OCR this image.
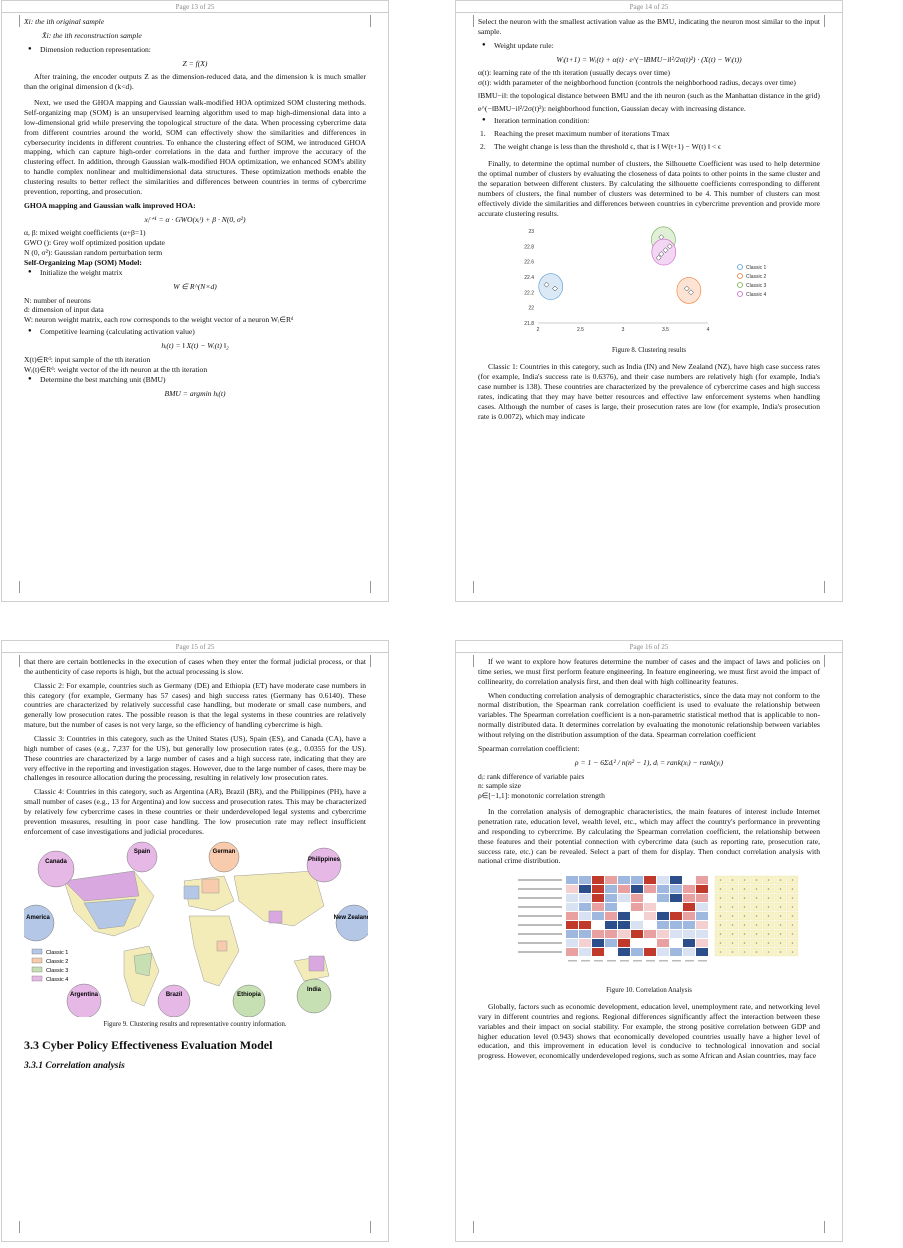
Page 13 of 25

Xi: the ith original sample

X̂i: the ith reconstruction sample

● Dimension reduction representation:
Z = f(X)

After training, the encoder outputs Z as the dimension-reduced data, and the dimension k is much smaller than the original dimension d (k<d).

Next, we used the GHOA mapping and Gaussian walk-modified HOA optimized SOM clustering methods. Self-organizing map (SOM) is an unsupervised learning algorithm used to map high-dimensional data into a low-dimensional grid while preserving the topological structure of the data. When processing cybercrime data from different countries around the world, SOM can effectively show the similarities and differences in cybersecurity incidents in different countries. To enhance the clustering effect of SOM, we introduced GHOA mapping, which can capture high-order correlations in the data and further improve the accuracy of the clustering effect. In addition, through Gaussian walk-modified HOA optimization, we enhanced SOM's ability to handle complex nonlinear and multidimensional data structures. These optimization methods enable the clustering results to better reflect the similarities and differences between countries in terms of cybercrime prevention, reporting, and prosecution.

GHOA mapping and Gaussian walk improved HOA:

xᵢᵗ⁺¹ = α · GWO(xᵢᵗ) + β · N(0, σ²)

α, β: mixed weight coefficients (α+β=1)

GWO (): Grey wolf optimized position update

N (0, σ²): Gaussian random perturbation term

Self-Organizing Map (SOM) Model:

● Initialize the weight matrix
W ∈ R^(N×d)

N: number of neurons

d: dimension of input data

W: neuron weight matrix, each row corresponds to the weight vector of a neuron Wᵢ∈Rᵈ

● Competitive learning (calculating activation value)
hᵢ(t) = ‖ X(t) − Wᵢ(t) ‖₂

X(t)∈Rᵈ: input sample of the tth iteration

Wᵢ(t)∈Rᵈ: weight vector of the ith neuron at the tth iteration

● Determine the best matching unit (BMU)
BMU = argmin hᵢ(t)
Page 14 of 25

Select the neuron with the smallest activation value as the BMU, indicating the neuron most similar to the input sample.

● Weight update rule:
Wᵢ(t+1) = Wᵢ(t) + α(t) · e^(−‖BMU−i‖²/2σ(t)²) · (X(t) − Wᵢ(t))

α(t): learning rate of the tth iteration (usually decays over time)

σ(t): width parameter of the neighborhood function (controls the neighborhood radius, decays over time)

‖BMU−i‖: the topological distance between BMU and the ith neuron (such as the Manhattan distance in the grid)

e^(−‖BMU−i‖²/2σ(t)²): neighborhood function, Gaussian decay with increasing distance.

● Iteration termination condition:
1. Reaching the preset maximum number of iterations Tmax
2. The weight change is less than the threshold ϵ, that is ‖ W(t+1) − W(t) ‖ < ϵ

Finally, to determine the optimal number of clusters, the Silhouette Coefficient was used to help determine the optimal number of clusters by evaluating the closeness of data points to other points in the same cluster and the separation between different clusters. By calculating the silhouette coefficients corresponding to different numbers of clusters, the final number of clusters was determined to be 4. This number of clusters can most effectively divide the similarities and differences between countries in cybercrime prevention and provide more accurate clustering results.

2	2.5	3	3.5	4
21.8
22
22.2
22.4
22.6
22.8
23
Classic 1
Classic 2
Classic 3
Classic 4
Figure 8. Clustering results

Classic 1: Countries in this category, such as India (IN) and New Zealand (NZ), have high case success rates (for example, India's success rate is 0.6376), and their case numbers are relatively high (for example, India's case number is 138). These countries are characterized by the prevalence of cybercrime cases and high success rates, indicating that they may have better resources and effective law enforcement systems when handling cases. Although the number of cases is large, their prosecution rates are low (for example, India's prosecution rate is 0.0072), which may indicate

Page 15 of 25

that there are certain bottlenecks in the execution of cases when they enter the formal judicial process, or that the authenticity of case reports is high, but the actual processing is slow.

Classic 2: For example, countries such as Germany (DE) and Ethiopia (ET) have moderate case numbers in this category (for example, Germany has 57 cases) and high success rates (Germany has 0.6140). These countries are characterized by relatively successful case handling, but moderate or small case numbers, and generally low prosecution rates. The possible reason is that the legal systems in these countries are relatively mature, but the number of cases is not very large, so the efficiency of handling cybercrime is high.

Classic 3: Countries in this category, such as the United States (US), Spain (ES), and Canada (CA), have a high number of cases (e.g., 7,237 for the US), but generally low prosecution rates (e.g., 0.0355 for the US). These countries are characterized by a large number of cases and a high success rate, indicating that they are very effective in the reporting and investigation stages. However, due to the large number of cases, there may be challenges in resource allocation during the processing, resulting in relatively low prosecution rates.

Classic 4: Countries in this category, such as Argentina (AR), Brazil (BR), and the Philippines (PH), have a small number of cases (e.g., 13 for Argentina) and low success and prosecution rates. This may be characterized by relatively few cybercrime cases in these countries or their underdeveloped legal systems and cybercrime prevention measures, resulting in poor case handling. The low prosecution rate may reflect insufficient enforcement of case investigations and judicial procedures.

Canada
Spain	German
Philippines
America	New Zealand
Argentina	Brazil	Ethiopia
India
Classic 1
Classic 2
Classic 3
Classic 4
Figure 9. Clustering results and representative country information.
3.3 Cyber Policy Effectiveness Evaluation Model
3.3.1 Correlation analysis
Page 16 of 25

If we want to explore how features determine the number of cases and the impact of laws and policies on time series, we must first perform feature engineering. In feature engineering, we must first avoid the impact of collinearity, do correlation analysis first, and then deal with high collinearity features.

When conducting correlation analysis of demographic characteristics, since the data may not conform to the normal distribution, the Spearman rank correlation coefficient is used to evaluate the relationship between variables. The Spearman correlation coefficient is a non-parametric statistical method that is applicable to non-normally distributed data. It determines correlation by evaluating the monotonic relationship between variables without relying on the distribution assumption of the data. Spearman correlation coefficient

Spearman correlation coefficient:

ρ = 1 − 6Σdᵢ² / n(n² − 1), dᵢ = rank(xᵢ) − rank(yᵢ)

dᵢ: rank difference of variable pairs

n: sample size

ρ∈[−1,1]: monotonic correlation strength

In the correlation analysis of demographic characteristics, the main features of interest include Internet penetration rate, education level, wealth level, etc., which may affect the country's performance in preventing and responding to cybercrime. By calculating the Spearman correlation coefficient, the relationship between these features and their potential connection with cybercrime data (such as reporting rate, prosecution rate, success rate, etc.) can be revealed. Select a part of them for display. Then conduct correlation analysis with national crime distribution.

Figure 10. Correlation Analysis

Globally, factors such as economic development, education level, unemployment rate, and networking level vary in different countries and regions. Regional differences significantly affect the interaction between these variables and their impact on social stability. For example, the strong positive correlation between GDP and higher education level (0.943) shows that economically developed countries usually have a higher level of education, and this improvement in education level is conducive to technological innovation and social progress. However, economically underdeveloped regions, such as some African and Asian countries, may face
